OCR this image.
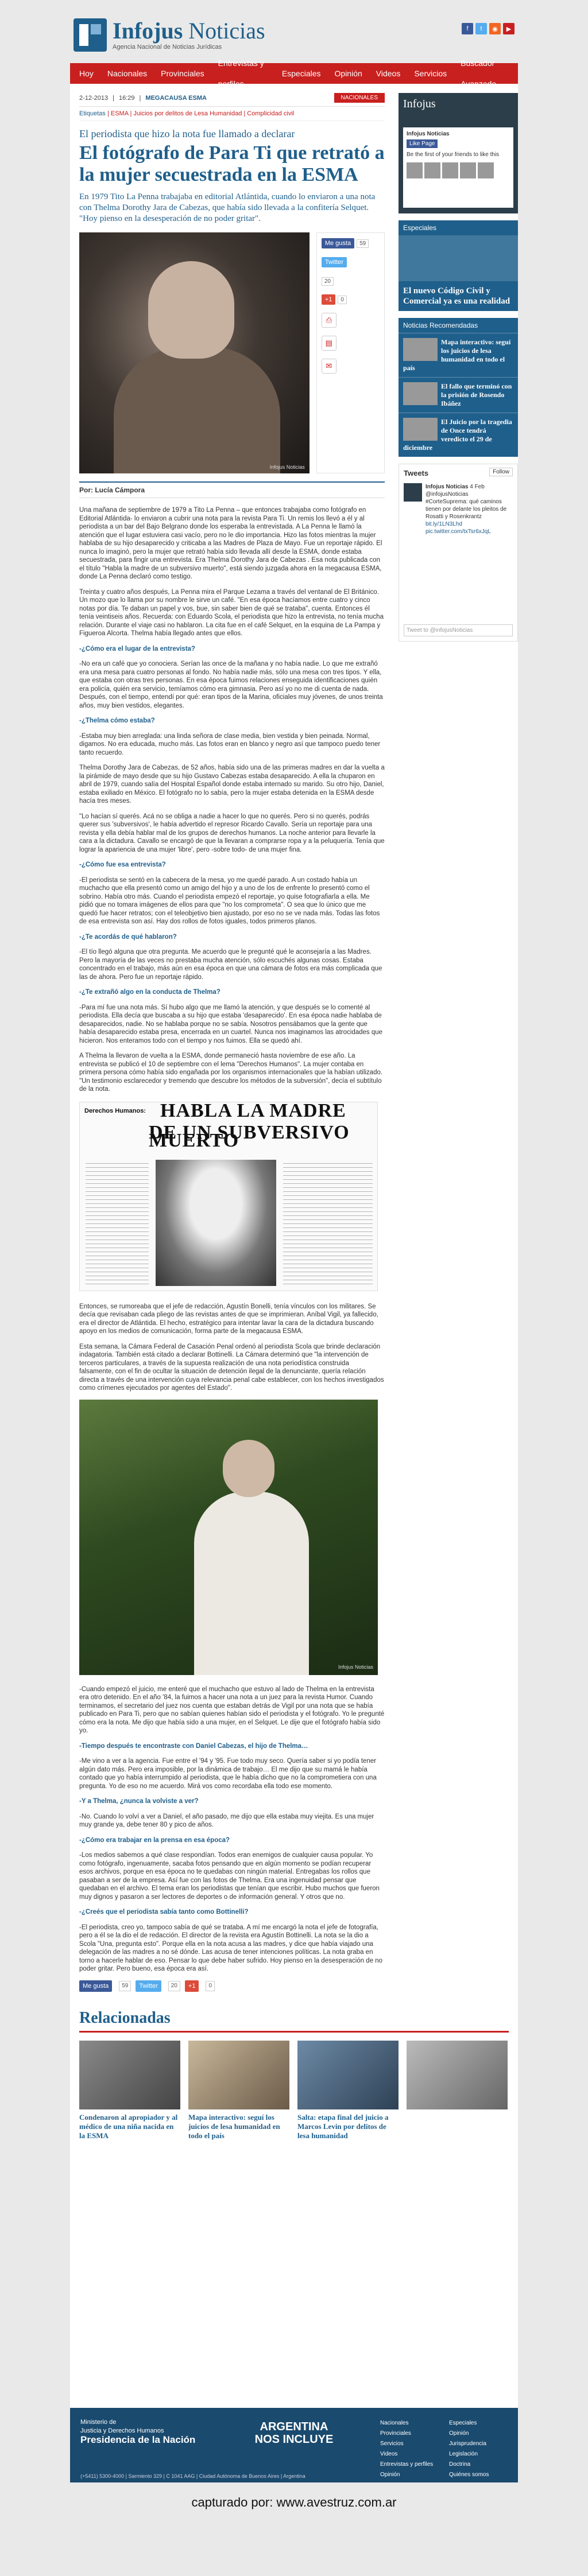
Infojus Noticias
Agencia Nacional de Noticias Jurídicas
f	t	◉	▶
Hoy	Nacionales	Provinciales
Entrevistas y
Especiales	Opinión	Videos	Servicios
Buscador
2-12-2013 | 16:29 | MEGACAUSA ESMA	NACIONALES
Etiquetas | ESMA | Juicios por delitos de Lesa Humanidad | Complicidad civil
El periodista que hizo la nota fue llamado a declarar
El fotógrafo de Para Ti que retrató a la mujer secuestrada en la ESMA
En 1979 Tito La Penna trabajaba en editorial Atlántida, cuando lo enviaron a una nota con Thelma Dorothy Jara de Cabezas, que había sido llevada a la confitería Selquet. "Hoy pienso en la desesperación de no poder gritar".
Infojus Noticias
Me gusta 59
Twitter
20
+1 0
⎙
▤
✉
Por: Lucía Cámpora

Una mañana de septiembre de 1979 a Tito La Penna – que entonces trabajaba como fotógrafo en Editorial Atlántida- lo enviaron a cubrir una nota para la revista Para Ti. Un remis los llevó a él y al periodista a un bar del Bajo Belgrano donde los esperaba la entrevistada. A La Penna le llamó la atención que el lugar estuviera casi vacío, pero no le dio importancia. Hizo las fotos mientras la mujer hablaba de su hijo desaparecido y criticaba a las Madres de Plaza de Mayo. Fue un reportaje rápido. El nunca lo imaginó, pero la mujer que retrató había sido llevada allí desde la ESMA, donde estaba secuestrada, para fingir una entrevista. Era Thelma Dorothy Jara de Cabezas . Esa nota publicada con el título "Habla la madre de un subversivo muerto", está siendo juzgada ahora en la megacausa ESMA, donde La Penna declaró como testigo.

Treinta y cuatro años después, La Penna mira el Parque Lezama a través del ventanal de El Británico. Un mozo que lo llama por su nombre le sirve un café. "En esa época hacíamos entre cuatro y cinco notas por día. Te daban un papel y vos, bue, sin saber bien de qué se trataba", cuenta. Entonces él tenía veintiseis años. Recuerda: con Eduardo Scola, el periodista que hizo la entrevista, no tenía mucha relación. Durante el viaje casi no hablaron. La cita fue en el café Selquet, en la esquina de La Pampa y Figueroa Alcorta. Thelma había llegado antes que ellos.

-¿Cómo era el lugar de la entrevista?

-No era un café que yo conociera. Serían las once de la mañana y no había nadie. Lo que me extrañó era una mesa para cuatro personas al fondo. No había nadie más, sólo una mesa con tres tipos. Y ella, que estaba con otras tres personas. En esa época fuimos relaciones enseguida identificaciones quién era policía, quién era servicio, temíamos cómo era gimnasia. Pero así yo no me di cuenta de nada. Después, con el tiempo, entendí por qué: eran tipos de la Marina, oficiales muy jóvenes, de unos treinta años, muy bien vestidos, elegantes.

-¿Thelma cómo estaba?

-Estaba muy bien arreglada: una linda señora de clase media, bien vestida y bien peinada. Normal, digamos. No era educada, mucho más. Las fotos eran en blanco y negro así que tampoco puedo tener tanto recuerdo.

Thelma Dorothy Jara de Cabezas, de 52 años, había sido una de las primeras madres en dar la vuelta a la pirámide de mayo desde que su hijo Gustavo Cabezas estaba desaparecido. A ella la chuparon en abril de 1979, cuando salía del Hospital Español donde estaba internado su marido. Su otro hijo, Daniel, estaba exiliado en México. El fotógrafo no lo sabía, pero la mujer estaba detenida en la ESMA desde hacía tres meses.

"Lo hacían sí querés. Acá no se obliga a nadie a hacer lo que no querés. Pero si no querés, podrás querer sus 'subversivos', le había advertido el represor Ricardo Cavallo. Sería un reportaje para una revista y ella debía hablar mal de los grupos de derechos humanos. La noche anterior para llevarle la cara a la dictadura. Cavallo se encargó de que la llevaran a comprarse ropa y a la peluquería. Tenía que lograr la apariencia de una mujer 'libre', pero -sobre todo- de una mujer fina.

-¿Cómo fue esa entrevista?

-El periodista se sentó en la cabecera de la mesa, yo me quedé parado. A un costado había un muchacho que ella presentó como un amigo del hijo y a uno de los de enfrente lo presentó como el sobrino. Había otro más. Cuando el periodista empezó el reportaje, yo quise fotografiarla a ella. Me pidió que no tomara imágenes de ellos para que "no los comprometa". O sea que lo único que me quedó fue hacer retratos; con el teleobjetivo bien ajustado, por eso no se ve nada más. Todas las fotos de esa entrevista son así. Hay dos rollos de fotos iguales, todos primeros planos.

-¿Te acordás de qué hablaron?

-El tío llegó alguna que otra pregunta. Me acuerdo que le pregunté qué le aconsejaría a las Madres. Pero la mayoría de las veces no prestaba mucha atención, sólo escuchés algunas cosas. Estaba concentrado en el trabajo, más aún en esa época en que una cámara de fotos era más complicada que las de ahora. Pero fue un reportaje rápido.

-¿Te extrañó algo en la conducta de Thelma?

-Para mí fue una nota más. Sí hubo algo que me llamó la atención, y que después se lo comenté al periodista. Ella decía que buscaba a su hijo que estaba 'desaparecido'. En esa época nadie hablaba de desaparecidos, nadie. No se hablaba porque no se sabía. Nosotros pensábamos que la gente que había desaparecido estaba presa, encerrada en un cuartel. Nunca nos imaginamos las atrocidades que hicieron. Nos enteramos todo con el tiempo y nos fuimos. Ella se quedó ahí.

A Thelma la llevaron de vuelta a la ESMA, donde permaneció hasta noviembre de ese año. La entrevista se publicó el 10 de septiembre con el lema "Derechos Humanos". La mujer contaba en primera persona cómo había sido engañada por los organismos internacionales que la habían utilizado. "Un testimonio esclarecedor y tremendo que descubre los métodos de la subversión", decía el subtítulo de la nota.

Derechos Humanos: HABLA LA MADRE
DE UN SUBVERSIVO MUERTO

Entonces, se rumoreaba que el jefe de redacción, Agustín Bonelli, tenía vínculos con los militares. Se decía que revisaban cada pliego de las revistas antes de que se imprimieran. Aníbal Vigil, ya fallecido, era el director de Atlántida. El hecho, estratégico para intentar lavar la cara de la dictadura buscando apoyo en los medios de comunicación, forma parte de la megacausa ESMA.

Esta semana, la Cámara Federal de Casación Penal ordenó al periodista Scola que brinde declaración indagatoria. También está citado a declarar Bottinelli. La Cámara determinó que "la intervención de terceros particulares, a través de la supuesta realización de una nota periodística construida falsamente, con el fin de ocultar la situación de detención ilegal de la denunciante, quería relación directa a través de una intervención cuya relevancia penal cabe establecer, con los hechos investigados como crímenes ejecutados por agentes del Estado".

Infojus Noticias

-Cuando empezó el juicio, me enteré que el muchacho que estuvo al lado de Thelma en la entrevista era otro detenido. En el año '84, la fuimos a hacer una nota a un juez para la revista Humor. Cuando terminamos, el secretario del juez nos cuenta que estaban detrás de Vigil por una nota que se había publicado en Para Ti, pero que no sabían quienes habían sido el periodista y el fotógrafo. Yo le pregunté cómo era la nota. Me dijo que había sido a una mujer, en el Selquet. Le dije que el fotógrafo había sido yo.

-Tiempo después te encontraste con Daniel Cabezas, el hijo de Thelma…

-Me vino a ver a la agencia. Fue entre el '94 y '95. Fue todo muy seco. Quería saber si yo podía tener algún dato más. Pero era imposible, por la dinámica de trabajo… El me dijo que su mamá le había contado que yo había interrumpido al periodista, que le había dicho que no la comprometiera con una pregunta. Yo de eso no me acuerdo. Mirá vos como recordaba ella todo ese momento.

-Y a Thelma, ¿nunca la volviste a ver?

-No. Cuando lo volví a ver a Daniel, el año pasado, me dijo que ella estaba muy viejita. Es una mujer muy grande ya, debe tener 80 y pico de años.

-¿Cómo era trabajar en la prensa en esa época?

-Los medios sabemos a qué clase respondían. Todos eran enemigos de cualquier causa popular. Yo como fotógrafo, ingenuamente, sacaba fotos pensando que en algún momento se podían recuperar esos archivos, porque en esa época no te quedabas con ningún material. Entregabas los rollos que pasaban a ser de la empresa. Así fue con las fotos de Thelma. Era una ingenuidad pensar que quedaban en el archivo. El tema eran los periodistas que tenían que escribir. Hubo muchos que fueron muy dignos y pasaron a ser lectores de deportes o de información general. Y otros que no.

-¿Creés que el periodista sabía tanto como Bottinelli?

-El periodista, creo yo, tampoco sabía de qué se trataba. A mí me encargó la nota el jefe de fotografía, pero a él se la dio el de redacción. El director de la revista era Agustín Bottinelli. La nota se la dio a Scola "Una, pregunta esto". Porque ella en la nota acusa a las madres, y dice que había viajado una delegación de las madres a no sé dónde. Las acusa de tener intenciones políticas. La nota graba en torno a hacerle hablar de eso. Pensar lo que debe haber sufrido. Hoy pienso en la desesperación de no poder gritar. Pero bueno, esa época era así.

Me gusta	59	Twitter	20	+1	0
Relacionadas
Condenaron al apropiador y al médico de una niña nacida en la ESMA
Mapa interactivo: seguí los juicios de lesa humanidad en todo el país
Salta: etapa final del juicio a Marcos Levin por delitos de lesa humanidad
Infojus
Infojus Noticias
Like Page
Be the first of your friends to like this
Especiales
El nuevo Código Civil y Comercial ya es una realidad
Noticias Recomendadas
Mapa interactivo: seguí los juicios de lesa humanidad en todo el país
El fallo que terminó con la prisión de Rosendo Ibáñez
El Juicio por la tragedia de Once tendrá veredicto el 29 de diciembre
Tweets	Follow
Infojus Noticias 4 Feb
@infojusNoticias
#CorteSuprema: qué caminos tienen por delante los pleitos de Rosatti y Rosenkrantz
bit.ly/1LN3Lhd pic.twitter.com/txTsr6xJqL
Tweet to @infojusNoticias
Ministerio de
Justicia y Derechos Humanos
Presidencia de la Nación
ARGENTINA
NOS INCLUYE
Nacionales
Provinciales
Servicios
Videos
Entrevistas y perfiles
Opinión
Especiales
Opinión
Jurisprudencia
Legislación
Doctrina
Quiénes somos
(+5411) 5300-4000 | Sarmiento 329 | C 1041 AAG | Ciudad Autónoma de Buenos Aires | Argentina
capturado por: www.avestruz.com.ar
